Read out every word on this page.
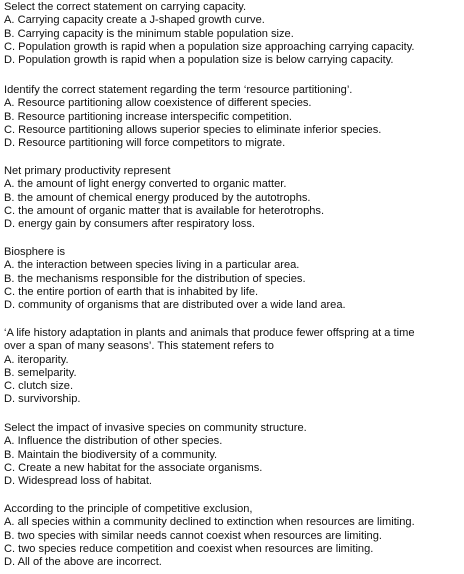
Select the correct statement on carrying capacity.
A. Carrying capacity create a J-shaped growth curve.
B. Carrying capacity is the minimum stable population size.
C. Population growth is rapid when a population size approaching carrying capacity.
D. Population growth is rapid when a population size is below carrying capacity.
Identify the correct statement regarding the term ‘resource partitioning’.
A. Resource partitioning allow coexistence of different species.
B. Resource partitioning increase interspecific competition.
C. Resource partitioning allows superior species to eliminate inferior species.
D. Resource partitioning will force competitors to migrate.
Net primary productivity represent
A. the amount of light energy converted to organic matter.
B. the amount of chemical energy produced by the autotrophs.
C. the amount of organic matter that is available for heterotrophs.
D. energy gain by consumers after respiratory loss.
Biosphere is
A. the interaction between species living in a particular area.
B. the mechanisms responsible for the distribution of species.
C. the entire portion of earth that is inhabited by life.
D. community of organisms that are distributed over a wide land area.
‘A life history adaptation in plants and animals that produce fewer offspring at a time
over a span of many seasons’. This statement refers to
A. iteroparity.
B. semelparity.
C. clutch size.
D. survivorship.
Select the impact of invasive species on community structure.
A. Influence the distribution of other species.
B. Maintain the biodiversity of a community.
C. Create a new habitat for the associate organisms.
D. Widespread loss of habitat.
According to the principle of competitive exclusion,
A. all species within a community declined to extinction when resources are limiting.
B. two species with similar needs cannot coexist when resources are limiting.
C. two species reduce competition and coexist when resources are limiting.
D. All of the above are incorrect.
